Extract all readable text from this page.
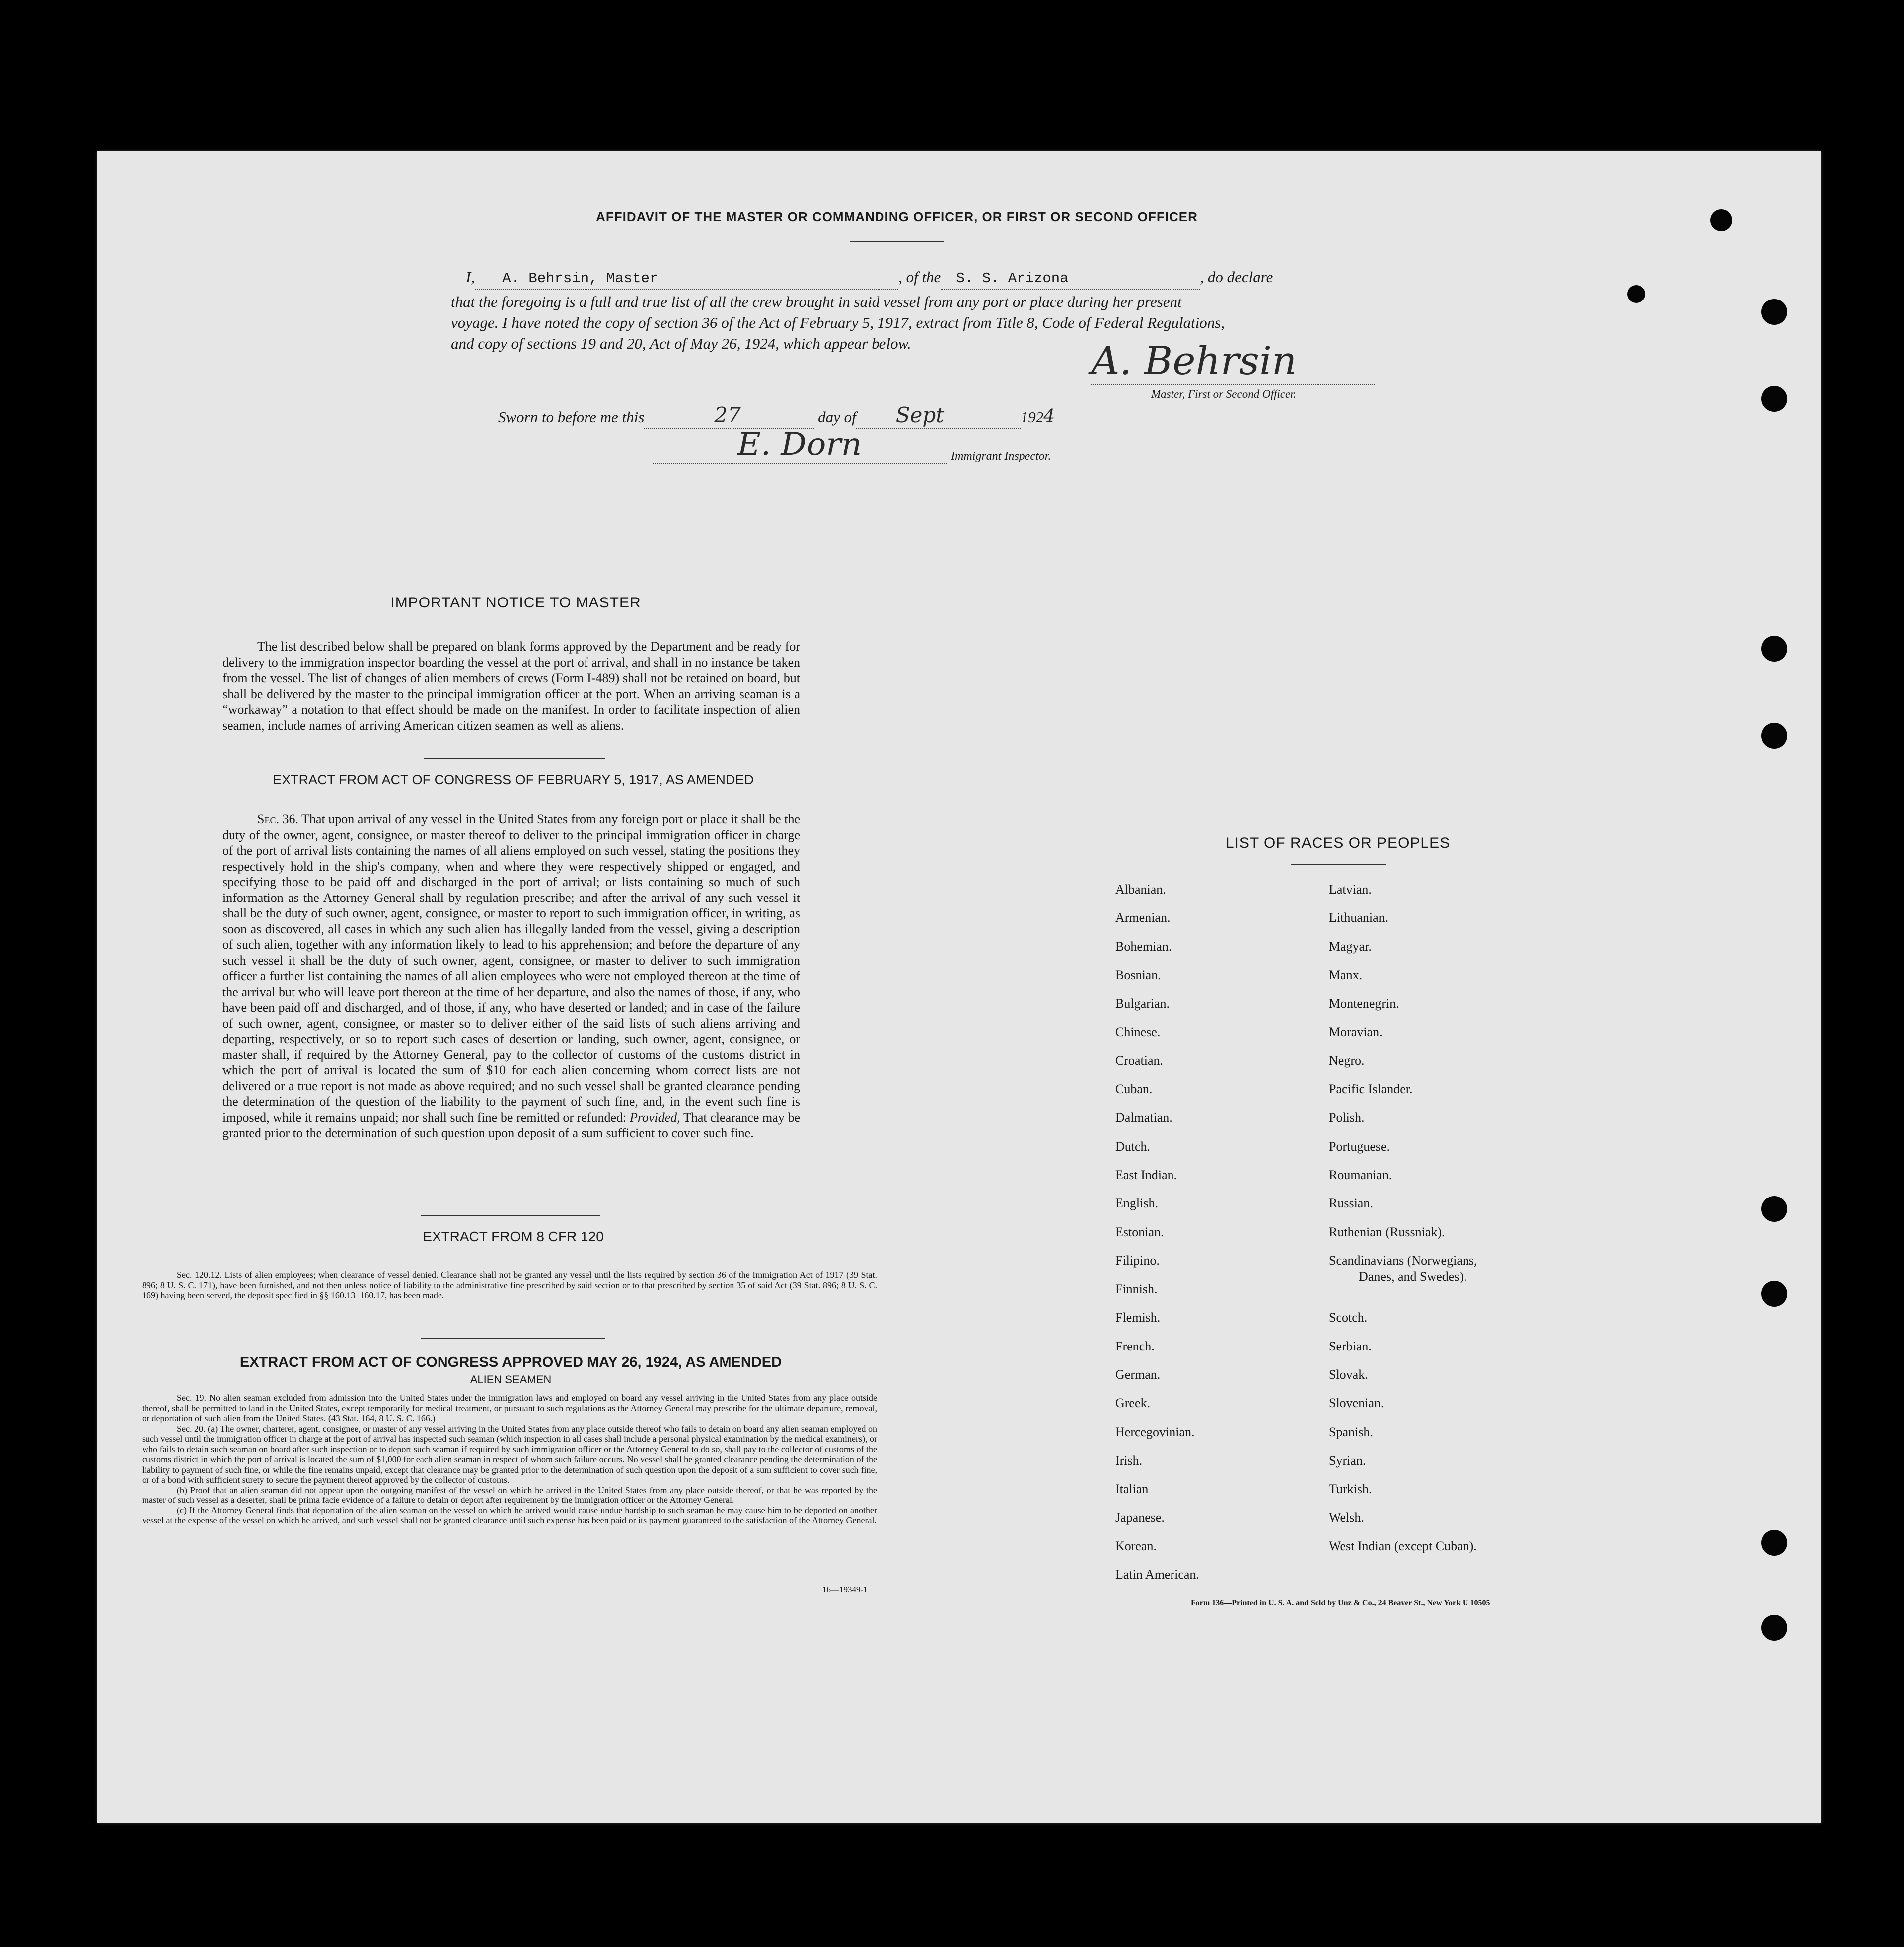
AFFIDAVIT OF THE MASTER OR COMMANDING OFFICER, OR FIRST OR SECOND OFFICER
I, A. Behrsin, Master	, of the S. S. Arizona	, do declare
that the foregoing is a full and true list of all the crew brought in said vessel from any port or place during her present
voyage. I have noted the copy of section 36 of the Act of February 5, 1917, extract from Title 8, Code of Federal Regulations,
and copy of sections 19 and 20, Act of May 26, 1924, which appear below.	A. Behrsin
Master, First or Second Officer.
Sworn to before me this	27	day of Sept	1924
E. Dorn	Immigrant Inspector.
IMPORTANT NOTICE TO MASTER
The list described below shall be prepared on blank forms approved by the Department and be ready for delivery to the immigration inspector boarding the vessel at the port of arrival, and shall in no instance be taken from the vessel. The list of changes of alien members of crews (Form I-489) shall not be retained on board, but shall be delivered by the master to the principal immigration officer at the port. When an arriving seaman is a “workaway” a notation to that effect should be made on the manifest. In order to facilitate inspection of alien seamen, include names of arriving American citizen seamen as well as aliens.
EXTRACT FROM ACT OF CONGRESS OF FEBRUARY 5, 1917, AS AMENDED
Sec. 36. That upon arrival of any vessel in the United States from any foreign port or place it shall be the duty of the owner, agent, consignee, or master thereof to deliver to the principal immigration officer in charge of the port of arrival lists containing the names of all aliens employed on such vessel, stating the positions they respectively hold in the ship's company, when and where they were respectively shipped or engaged, and specifying those to be paid off and discharged in the port of arrival; or lists containing so much of such information as the Attorney General shall by regulation prescribe; and after the arrival of any such vessel it shall be the duty of such owner, agent, consignee, or master to report to such immigration officer, in writing, as soon as discovered, all cases in which any such alien has illegally landed from the vessel, giving a description of such alien, together with any information likely to lead to his apprehension; and before the departure of any such vessel it shall be the duty of such owner, agent, consignee, or master to deliver to such immigration officer a further list containing the names of all alien employees who were not employed thereon at the time of the arrival but who will leave port thereon at the time of her departure, and also the names of those, if any, who have been paid off and discharged, and of those, if any, who have deserted or landed; and in case of the failure of such owner, agent, consignee, or master so to deliver either of the said lists of such aliens arriving and departing, respectively, or so to report such cases of desertion or landing, such owner, agent, consignee, or master shall, if required by the Attorney General, pay to the collector of customs of the customs district in which the port of arrival is located the sum of $10 for each alien concerning whom correct lists are not delivered or a true report is not made as above required; and no such vessel shall be granted clearance pending the determination of the question of the liability to the payment of such fine, and, in the event such fine is imposed, while it remains unpaid; nor shall such fine be remitted or refunded: Provided, That clearance may be granted prior to the determination of such question upon deposit of a sum sufficient to cover such fine.
EXTRACT FROM 8 CFR 120
Sec. 120.12. Lists of alien employees; when clearance of vessel denied. Clearance shall not be granted any vessel until the lists required by section 36 of the Immigration Act of 1917 (39 Stat. 896; 8 U. S. C. 171), have been furnished, and not then unless notice of liability to the administrative fine prescribed by said section or to that prescribed by section 35 of said Act (39 Stat. 896; 8 U. S. C. 169) having been served, the deposit specified in §§ 160.13–160.17, has been made.
EXTRACT FROM ACT OF CONGRESS APPROVED MAY 26, 1924, AS AMENDED
ALIEN SEAMEN
Sec. 19. No alien seaman excluded from admission into the United States under the immigration laws and employed on board any vessel arriving in the United States from any place outside thereof, shall be permitted to land in the United States, except temporarily for medical treatment, or pursuant to such regulations as the Attorney General may prescribe for the ultimate departure, removal, or deportation of such alien from the United States. (43 Stat. 164, 8 U. S. C. 166.)
Sec. 20. (a) The owner, charterer, agent, consignee, or master of any vessel arriving in the United States from any place outside thereof who fails to detain on board any alien seaman employed on such vessel until the immigration officer in charge at the port of arrival has inspected such seaman (which inspection in all cases shall include a personal physical examination by the medical examiners), or who fails to detain such seaman on board after such inspection or to deport such seaman if required by such immigration officer or the Attorney General to do so, shall pay to the collector of customs of the customs district in which the port of arrival is located the sum of $1,000 for each alien seaman in respect of whom such failure occurs. No vessel shall be granted clearance pending the determination of the liability to payment of such fine, or while the fine remains unpaid, except that clearance may be granted prior to the determination of such question upon the deposit of a sum sufficient to cover such fine, or of a bond with sufficient surety to secure the payment thereof approved by the collector of customs.
(b) Proof that an alien seaman did not appear upon the outgoing manifest of the vessel on which he arrived in the United States from any place outside thereof, or that he was reported by the master of such vessel as a deserter, shall be prima facie evidence of a failure to detain or deport after requirement by the immigration officer or the Attorney General.
(c) If the Attorney General finds that deportation of the alien seaman on the vessel on which he arrived would cause undue hardship to such seaman he may cause him to be deported on another vessel at the expense of the vessel on which he arrived, and such vessel shall not be granted clearance until such expense has been paid or its payment guaranteed to the satisfaction of the Attorney General.
16—19349-1
LIST OF RACES OR PEOPLES
Albanian.
Armenian.
Bohemian.
Bosnian.
Bulgarian.
Chinese.
Croatian.
Cuban.
Dalmatian.
Dutch.
East Indian.
English.
Estonian.
Filipino.
Finnish.
Flemish.
French.
German.
Greek.
Hercegovinian.
Irish.
Italian
Japanese.
Korean.
Latin American.
Latvian.
Lithuanian.
Magyar.
Manx.
Montenegrin.
Moravian.
Negro.
Pacific Islander.
Polish.
Portuguese.
Roumanian.
Russian.
Ruthenian (Russniak).
Scandinavians (Norwegians,
Danes, and Swedes).
Scotch.
Serbian.
Slovak.
Slovenian.
Spanish.
Syrian.
Turkish.
Welsh.
West Indian (except Cuban).
Form 136—Printed in U. S. A. and Sold by Unz & Co., 24 Beaver St., New York U 10505
